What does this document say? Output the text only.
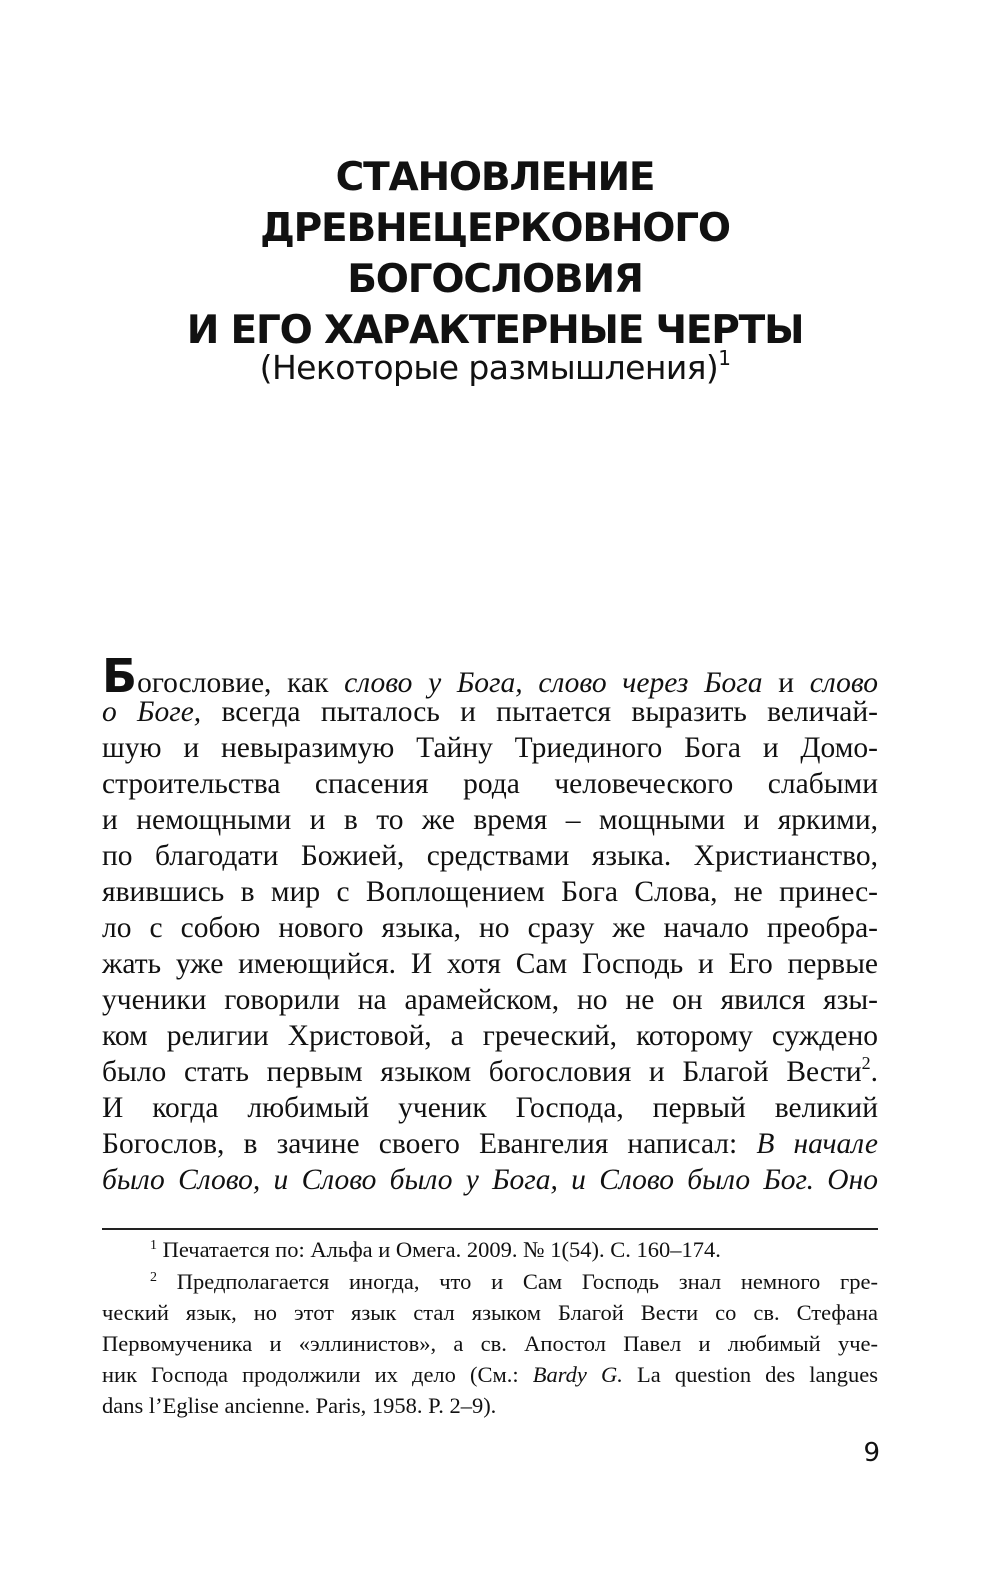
СТАНОВЛЕНИЕ
ДРЕВНЕЦЕРКОВНОГО
БОГОСЛОВИЯ
И ЕГО ХАРАКТЕРНЫЕ ЧЕРТЫ
(Некоторые размышления)$^1$
Богословие, как слово у Бога, слово через Бога и слово
о Боге, всегда пыталось и пытается выразить величай-
шую и невыразимую Тайну Триединого Бога и Домо-
строительства спасения рода человеческого слабыми
и немощными и в то же время – мощными и яркими,
по благодати Божией, средствами языка. Христианство,
явившись в мир с Воплощением Бога Слова, не принес-
ло с собою нового языка, но сразу же начало преобра-
жать уже имеющийся. И хотя Сам Господь и Его первые
ученики говорили на арамейском, но не он явился язы-
ком религии Христовой, а греческий, которому суждено
было стать первым языком богословия и Благой Вести$^2$.
И когда любимый ученик Господа, первый великий
Богослов, в зачине своего Евангелия написал: В начале
было Слово, и Слово было у Бога, и Слово было Бог. Оно
$^1$ Печатается по: Альфа и Омега. 2009. № 1(54). С. 160–174.
$^2$ Предполагается иногда, что и Сам Господь знал немного гре-
ческий язык, но этот язык стал языком Благой Вести со св. Стефана
Первомученика и «эллинистов», а св. Апостол Павел и любимый уче-
ник Господа продолжили их дело (См.: Bardy G. La question des langues
dans l’Eglise ancienne. Paris, 1958. P. 2–9).
9
